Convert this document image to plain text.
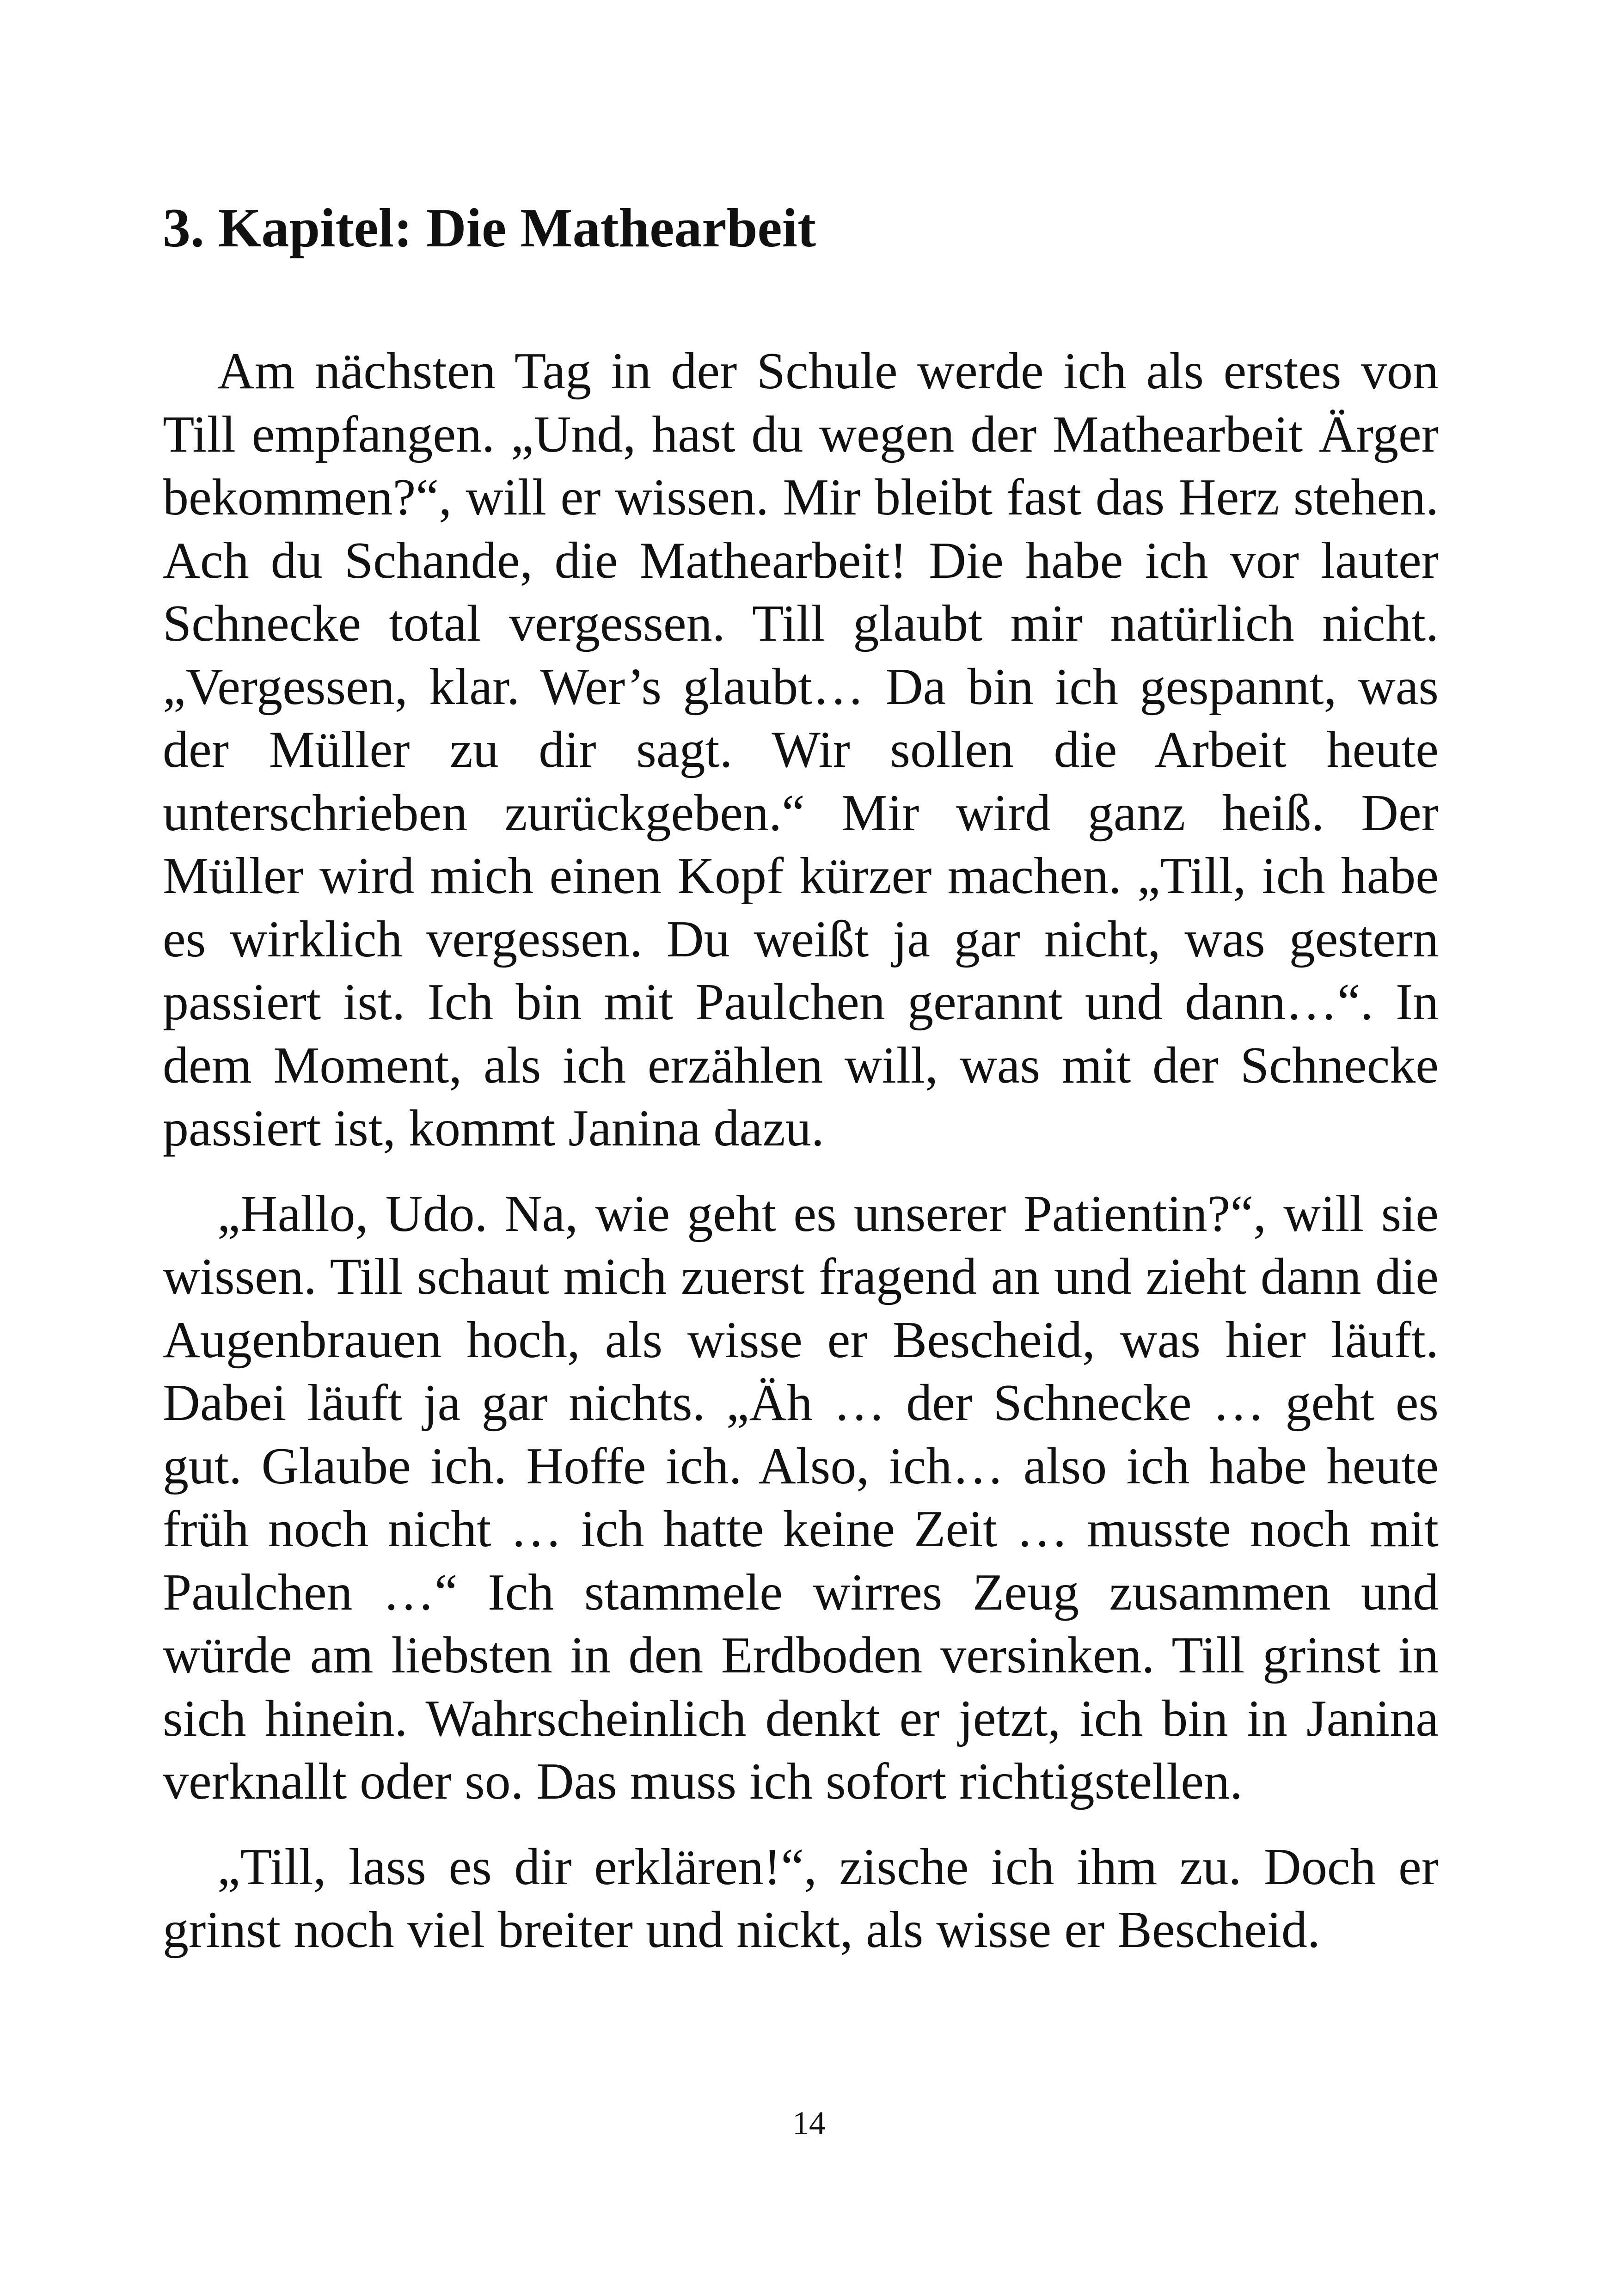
3. Kapitel: Die Mathearbeit

Am nächsten Tag in der Schule werde ich als erstes von Till empfangen. „Und, hast du wegen der Mathearbeit Ärger bekommen?“, will er wissen. Mir bleibt fast das Herz stehen. Ach du Schande, die Mathearbeit! Die habe ich vor lauter Schnecke total vergessen. Till glaubt mir natürlich nicht. „Vergessen, klar. Wer’s glaubt… Da bin ich gespannt, was der Müller zu dir sagt. Wir sollen die Arbeit heute unterschrieben zurückgeben.“ Mir wird ganz heiß. Der Müller wird mich einen Kopf kürzer machen. „Till, ich habe es wirklich vergessen. Du weißt ja gar nicht, was gestern passiert ist. Ich bin mit Paulchen gerannt und dann…“. In dem Moment, als ich erzählen will, was mit der Schnecke passiert ist, kommt Janina dazu.

„Hallo, Udo. Na, wie geht es unserer Patientin?“, will sie wissen. Till schaut mich zuerst fragend an und zieht dann die Augenbrauen hoch, als wisse er Bescheid, was hier läuft. Dabei läuft ja gar nichts. „Äh … der Schnecke … geht es gut. Glaube ich. Hoffe ich. Also, ich… also ich habe heute früh noch nicht … ich hatte keine Zeit … musste noch mit Paulchen …“ Ich stammele wirres Zeug zusammen und würde am liebsten in den Erdboden versinken. Till grinst in sich hinein. Wahrscheinlich denkt er jetzt, ich bin in Janina verknallt oder so. Das muss ich sofort richtigstellen.

„Till, lass es dir erklären!“, zische ich ihm zu. Doch er grinst noch viel breiter und nickt, als wisse er Bescheid.

14
